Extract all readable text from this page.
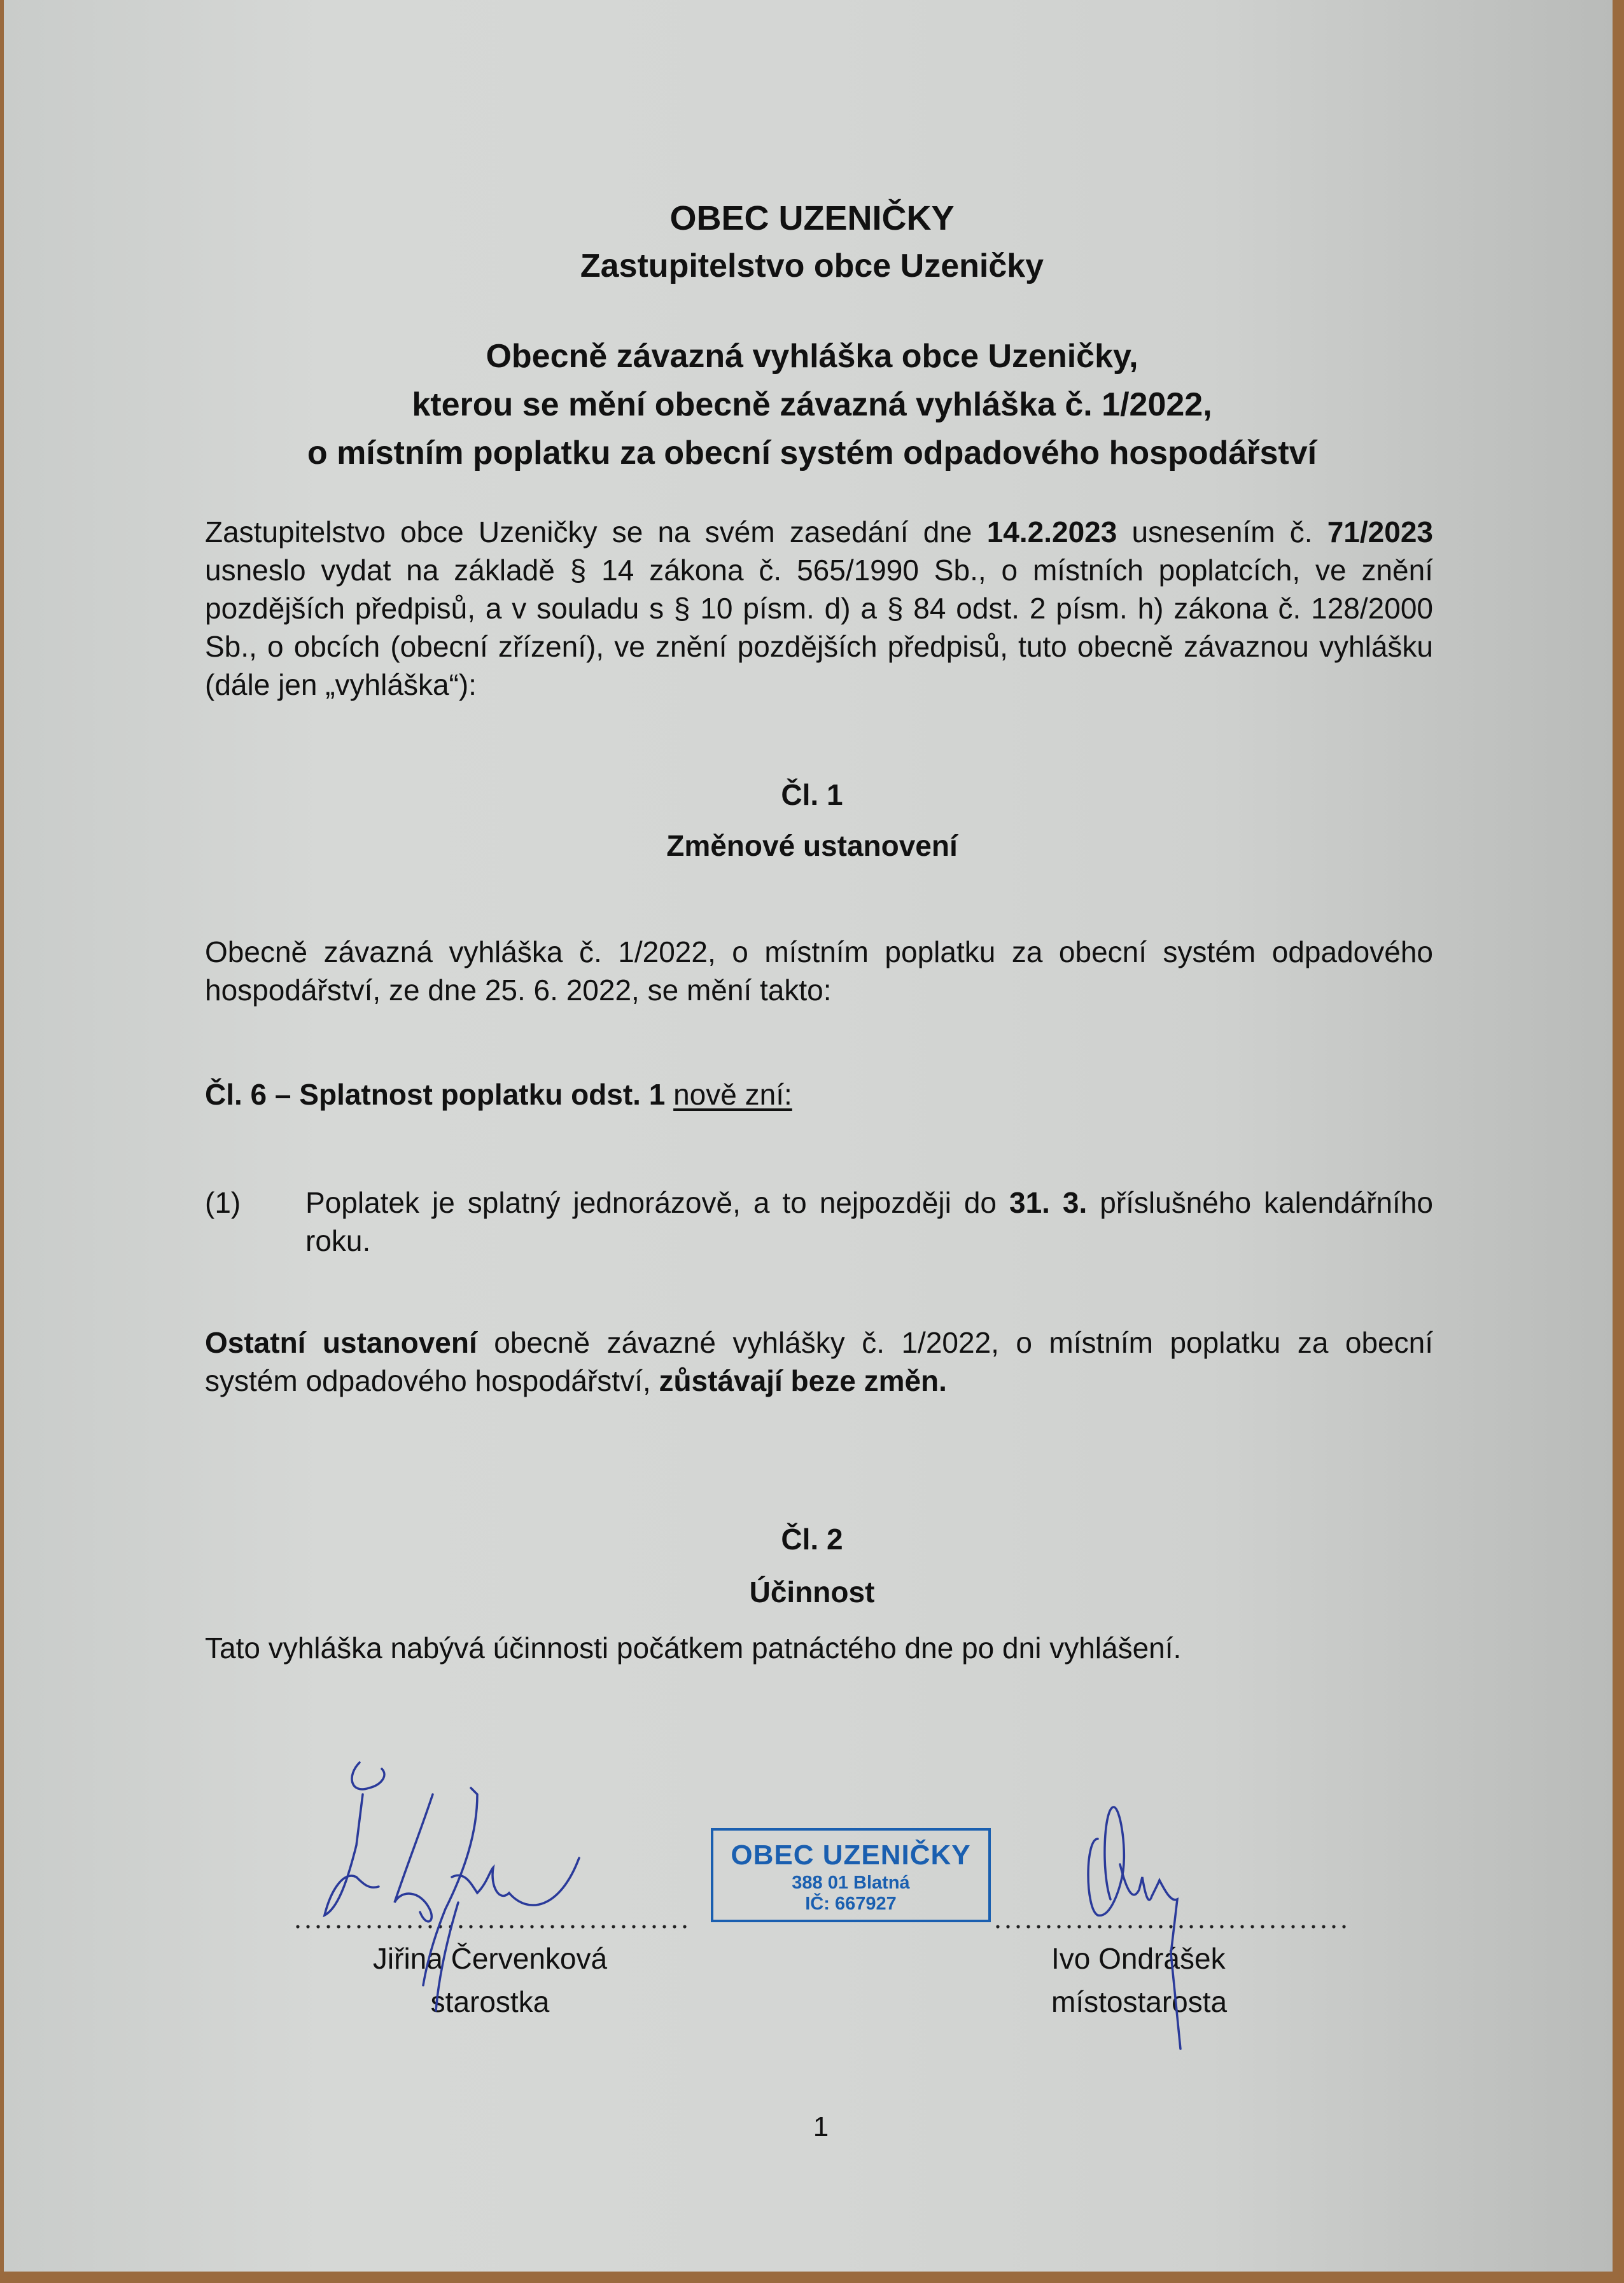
OBEC UZENIČKY
Zastupitelstvo obce Uzeničky
Obecně závazná vyhláška obce Uzeničky,
kterou se mění obecně závazná vyhláška č. 1/2022,
o místním poplatku za obecní systém odpadového hospodářství
Zastupitelstvo obce Uzeničky se na svém zasedání dne 14.2.2023 usnesením č. 71/2023 usneslo vydat na základě § 14 zákona č. 565/1990 Sb., o místních poplatcích, ve znění pozdějších předpisů, a v souladu s § 10 písm. d) a § 84 odst. 2 písm. h) zákona č. 128/2000 Sb., o obcích (obecní zřízení), ve znění pozdějších předpisů, tuto obecně závaznou vyhlášku (dále jen „vyhláška“):
Čl. 1
Změnové ustanovení
Obecně závazná vyhláška č. 1/2022, o místním poplatku za obecní systém odpadového hospodářství, ze dne 25. 6. 2022, se mění takto:
Čl. 6 – Splatnost poplatku odst. 1 nově zní:
(1) Poplatek je splatný jednorázově, a to nejpozději do 31. 3. příslušného kalendářního roku.
Ostatní ustanovení obecně závazné vyhlášky č. 1/2022, o místním poplatku za obecní systém odpadového hospodářství, zůstávají beze změn.
Čl. 2
Účinnost
Tato vyhláška nabývá účinnosti počátkem patnáctého dne po dni vyhlášení.
Jiřina Červenková
starostka
Ivo Ondrášek
místostarosta
OBEC UZENIČKY
388 01 Blatná
IČ: 667927
1
